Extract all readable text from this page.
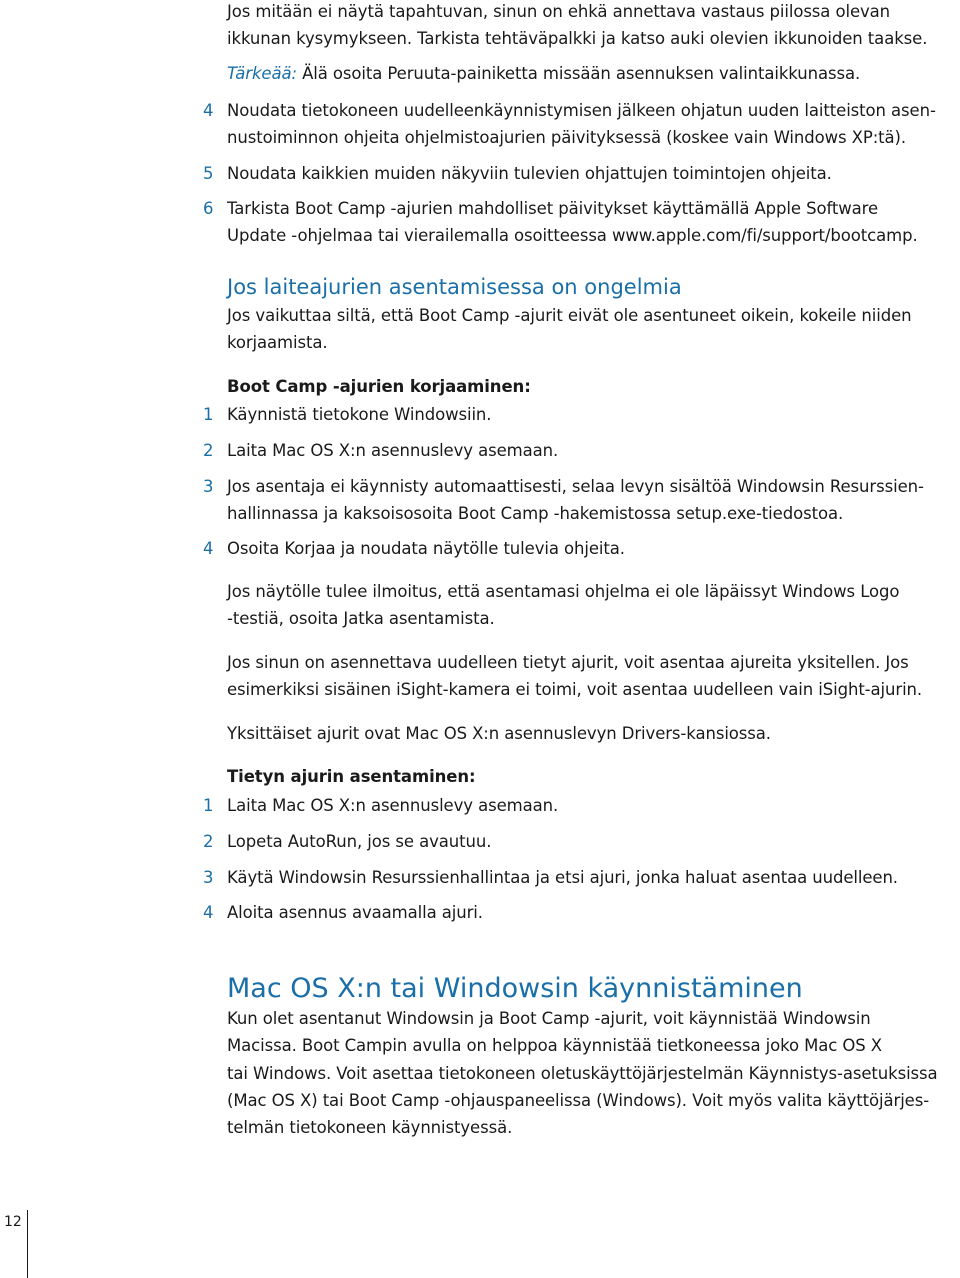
Jos mitään ei näytä tapahtuvan, sinun on ehkä annettava vastaus piilossa olevan
ikkunan kysymykseen. Tarkista tehtäväpalkki ja katso auki olevien ikkunoiden taakse.
Tärkeää: Älä osoita Peruuta-painiketta missään asennuksen valintaikkunassa.
4 Noudata tietokoneen uudelleenkäynnistymisen jälkeen ohjatun uuden laitteiston asen-
nustoiminnon ohjeita ohjelmistoajurien päivityksessä (koskee vain Windows XP:tä).
5 Noudata kaikkien muiden näkyviin tulevien ohjattujen toimintojen ohjeita.
6 Tarkista Boot Camp -ajurien mahdolliset päivitykset käyttämällä Apple Software
Update -ohjelmaa tai vierailemalla osoitteessa www.apple.com/fi/support/bootcamp.
Jos laiteajurien asentamisessa on ongelmia
Jos vaikuttaa siltä, että Boot Camp -ajurit eivät ole asentuneet oikein, kokeile niiden
korjaamista.
Boot Camp -ajurien korjaaminen:
1 Käynnistä tietokone Windowsiin.
2 Laita Mac OS X:n asennuslevy asemaan.
3 Jos asentaja ei käynnisty automaattisesti, selaa levyn sisältöä Windowsin Resurssien-
hallinnassa ja kaksoisosoita Boot Camp -hakemistossa setup.exe-tiedostoa.
4 Osoita Korjaa ja noudata näytölle tulevia ohjeita.
Jos näytölle tulee ilmoitus, että asentamasi ohjelma ei ole läpäissyt Windows Logo
-testiä, osoita Jatka asentamista.
Jos sinun on asennettava uudelleen tietyt ajurit, voit asentaa ajureita yksitellen. Jos
esimerkiksi sisäinen iSight-kamera ei toimi, voit asentaa uudelleen vain iSight-ajurin.
Yksittäiset ajurit ovat Mac OS X:n asennuslevyn Drivers-kansiossa.
Tietyn ajurin asentaminen:
1 Laita Mac OS X:n asennuslevy asemaan.
2 Lopeta AutoRun, jos se avautuu.
3 Käytä Windowsin Resurssienhallintaa ja etsi ajuri, jonka haluat asentaa uudelleen.
4 Aloita asennus avaamalla ajuri.
Mac OS X:n tai Windowsin käynnistäminen
Kun olet asentanut Windowsin ja Boot Camp -ajurit, voit käynnistää Windowsin
Macissa. Boot Campin avulla on helppoa käynnistää tietkoneessa joko Mac OS X
tai Windows. Voit asettaa tietokoneen oletuskäyttöjärjestelmän Käynnistys-asetuksissa
(Mac OS X) tai Boot Camp -ohjauspaneelissa (Windows). Voit myös valita käyttöjärjes-
telmän tietokoneen käynnistyessä.
12
